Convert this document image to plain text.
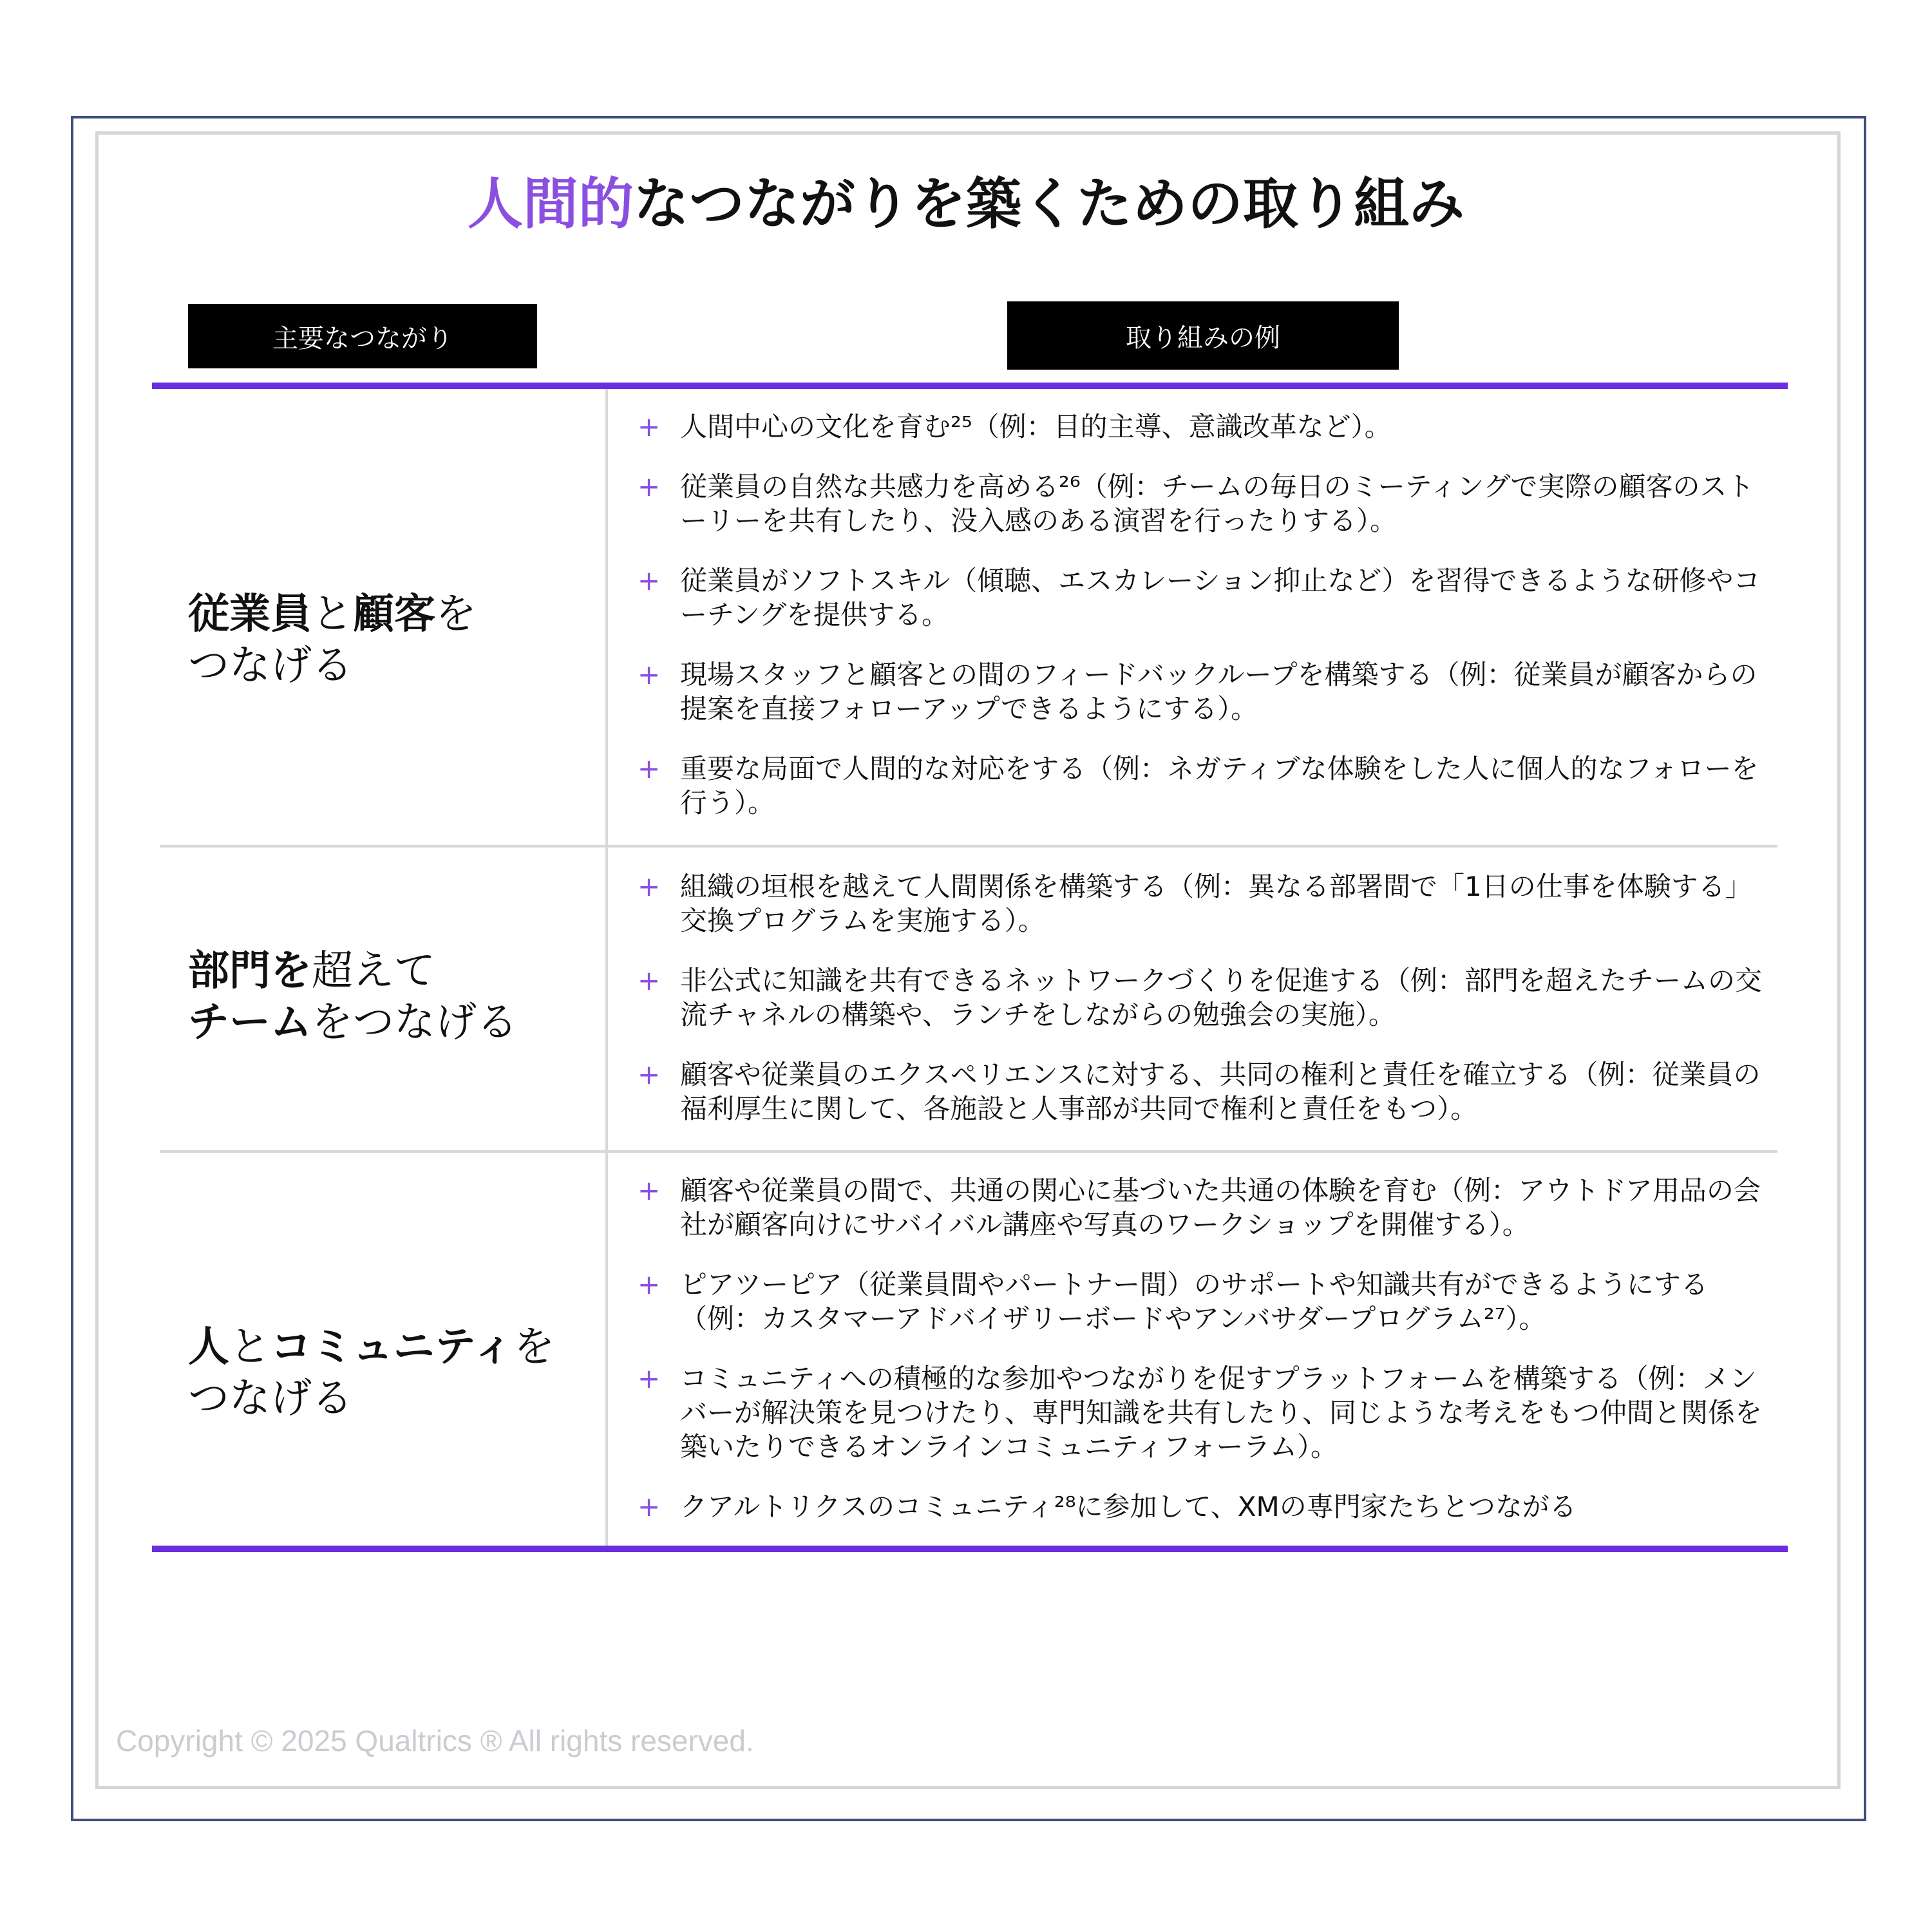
人間的なつながりを築くための取り組み
主要なつながり	取り組みの例
従業員と顧客を
つなげる
+ 人間中心の文化を育む²⁵（例：目的主導、意識改革など）。
+ 従業員の自然な共感力を高める²⁶（例：チームの毎日のミーティングで実際の顧客のストーリーを共有したり、没入感のある演習を行ったりする）。
+ 従業員がソフトスキル（傾聴、エスカレーション抑止など）を習得できるような研修やコーチングを提供する。
+ 現場スタッフと顧客との間のフィードバックループを構築する（例：従業員が顧客からの提案を直接フォローアップできるようにする）。
+ 重要な局面で人間的な対応をする（例：ネガティブな体験をした人に個人的なフォローを行う）。
部門を超えて
チームをつなげる
+ 組織の垣根を越えて人間関係を構築する（例：異なる部署間で「1日の仕事を体験する」交換プログラムを実施する）。
+ 非公式に知識を共有できるネットワークづくりを促進する（例：部門を超えたチームの交流チャネルの構築や、ランチをしながらの勉強会の実施）。
+ 顧客や従業員のエクスペリエンスに対する、共同の権利と責任を確立する（例：従業員の福利厚生に関して、各施設と人事部が共同で権利と責任をもつ）。
人とコミュニティを
つなげる
+ 顧客や従業員の間で、共通の関心に基づいた共通の体験を育む（例：アウトドア用品の会社が顧客向けにサバイバル講座や写真のワークショップを開催する）。
+ ピアツーピア（従業員間やパートナー間）のサポートや知識共有ができるようにする（例：カスタマーアドバイザリーボードやアンバサダープログラム²⁷）。
+ コミュニティへの積極的な参加やつながりを促すプラットフォームを構築する（例：メンバーが解決策を見つけたり、専門知識を共有したり、同じような考えをもつ仲間と関係を築いたりできるオンラインコミュニティフォーラム）。
+ クアルトリクスのコミュニティ²⁸に参加して、XMの専門家たちとつながる
Copyright © 2025 Qualtrics ® All rights reserved.
